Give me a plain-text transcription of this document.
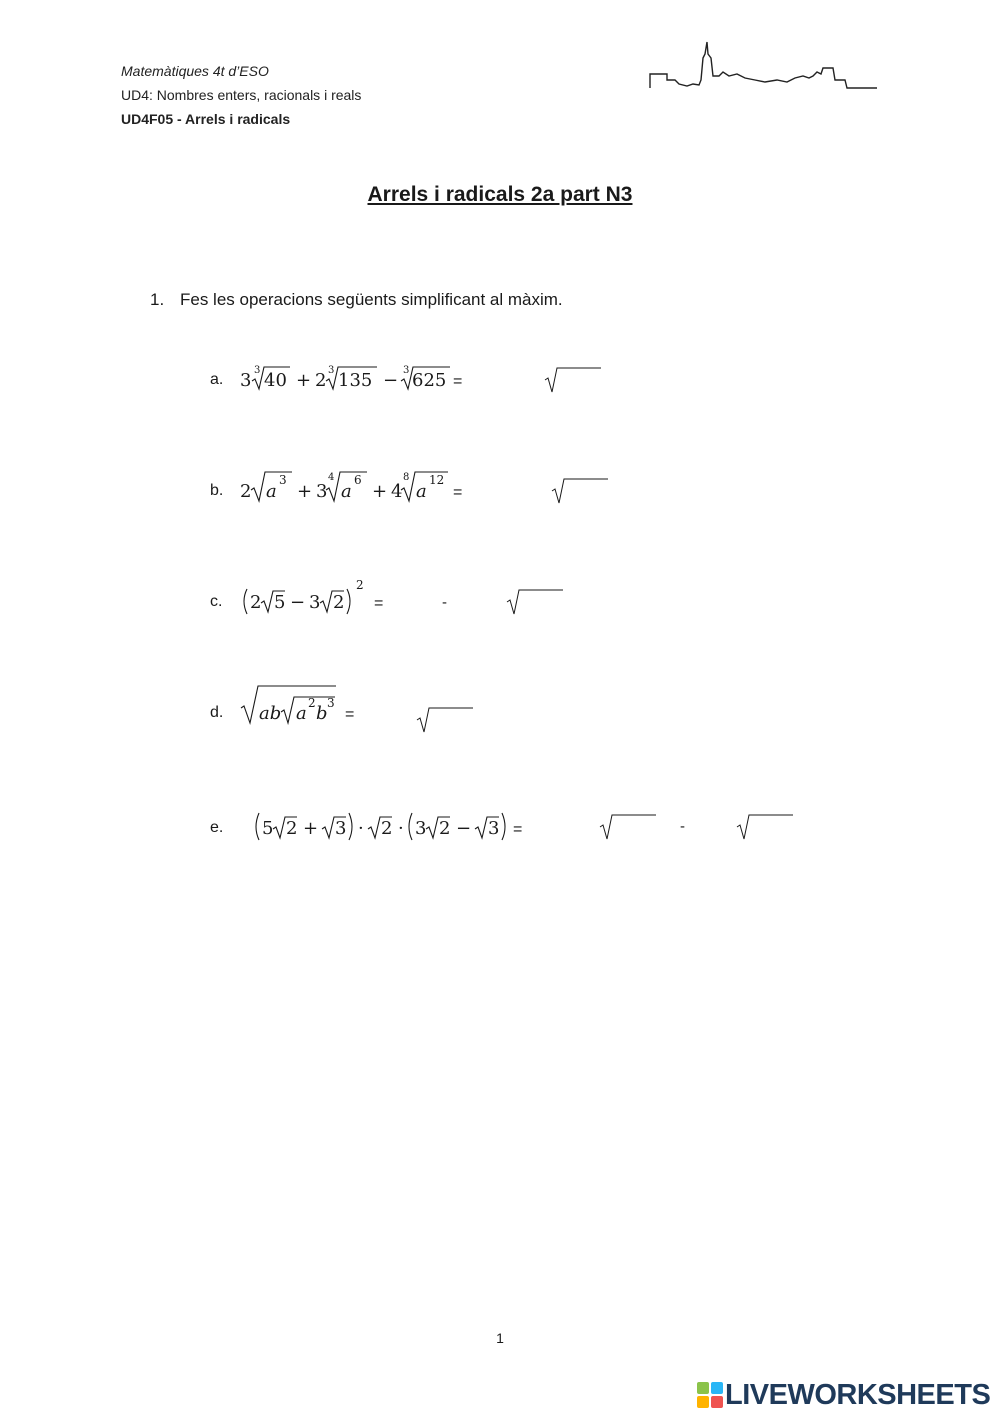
Matemàtiques 4t d’ESO
UD4: Nombres enters, racionals i reals
UD4F05 - Arrels i radicals
Arrels i radicals 2a part N3
1. Fes les operacions següents simplificant al màxim.
a. 3 3 40 + 2 3 135 − 3 625 =
b. 2 a
3
+ 3
4
a
6
+ 4
8
a
12
=
c. 2 5 − 3 2
2
=	-
d. ab a 2 b 3
=
e. 5 2 + 3 · 2 · 3 2 − 3 =	-
1
LIVEWORKSHEETS
